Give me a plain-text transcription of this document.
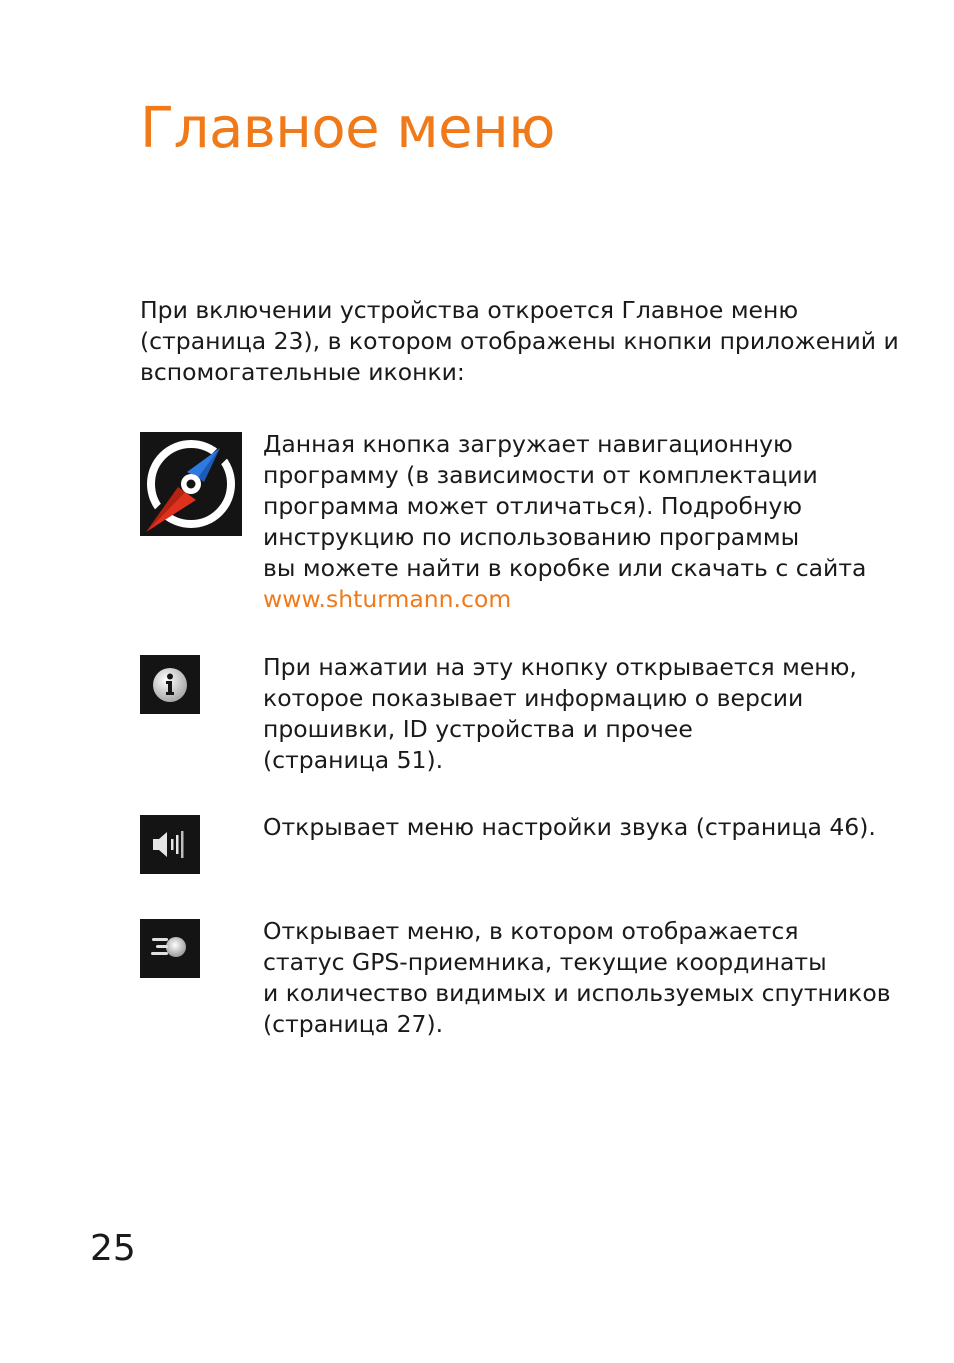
Главное меню

При включении устройства откроется Главное меню (страница 23), в котором отображены кнопки приложений и вспомогательные иконки:

Данная кнопка загружает навигационную
программу (в зависимости от комплектации
программа может отличаться). Подробную
инструкцию по использованию программы
вы можете найти в коробке или скачать с сайта
www.shturmann.com

При нажатии на эту кнопку открывается меню,
которое показывает информацию о версии
прошивки, ID устройства и прочее
(страница 51).

Открывает меню настройки звука (страница 46).

Открывает меню, в котором отображается
статус GPS-приемника, текущие координаты
и количество видимых и используемых спутников
(страница 27).

25
